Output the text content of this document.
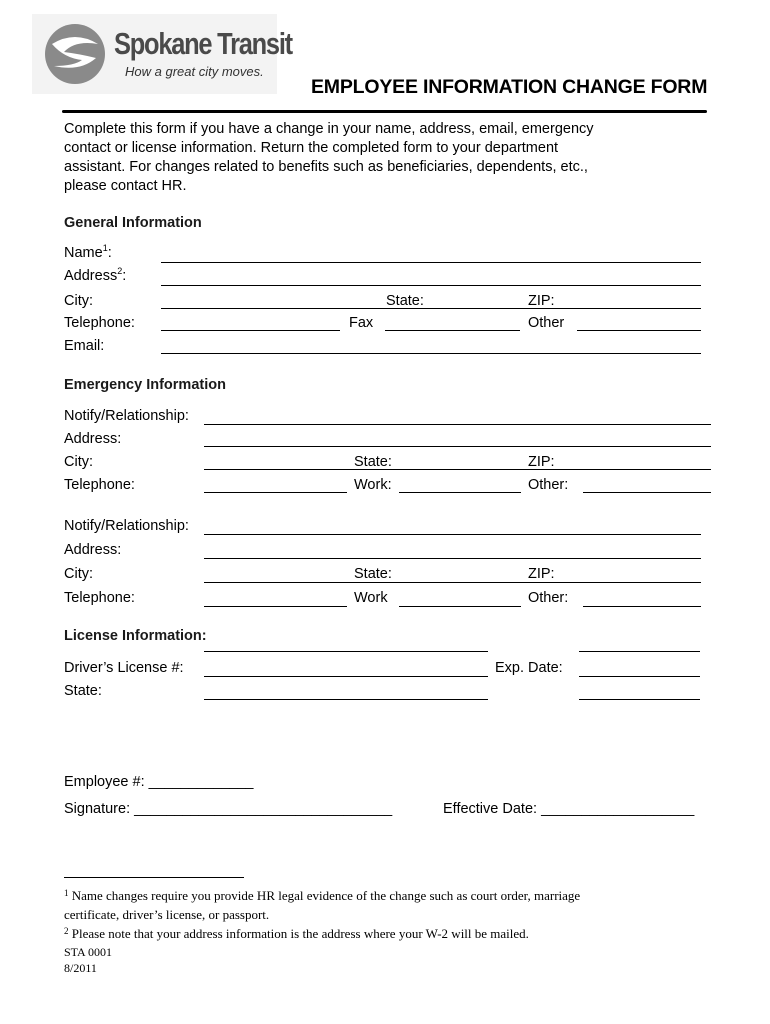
Spokane Transit
How a great city moves.
EMPLOYEE INFORMATION CHANGE FORM
Complete this form if you have a change in your name, address, email, emergency
contact or license information. Return the completed form to your department
assistant. For changes related to benefits such as beneficiaries, dependents, etc.,
please contact HR.
General Information
Name$^1$:
Address$^2$:
City:	State:	ZIP:
Telephone:	Fax	Other
Email:
Emergency Information
Notify/Relationship:
Address:
City:	State:	ZIP:
Telephone:	Work:	Other:
Notify/Relationship:
Address:
City:	State:	ZIP:
Telephone:	Work	Other:
License Information:
Driver’s License #:	Exp. Date:
State:
Employee #: _____________
Signature: ________________________________	Effective Date: ___________________
$^1$ Name changes require you provide HR legal evidence of the change such as court order, marriage
certificate, driver’s license, or passport.
$^2$ Please note that your address information is the address where your W-2 will be mailed.
STA 0001
8/2011
